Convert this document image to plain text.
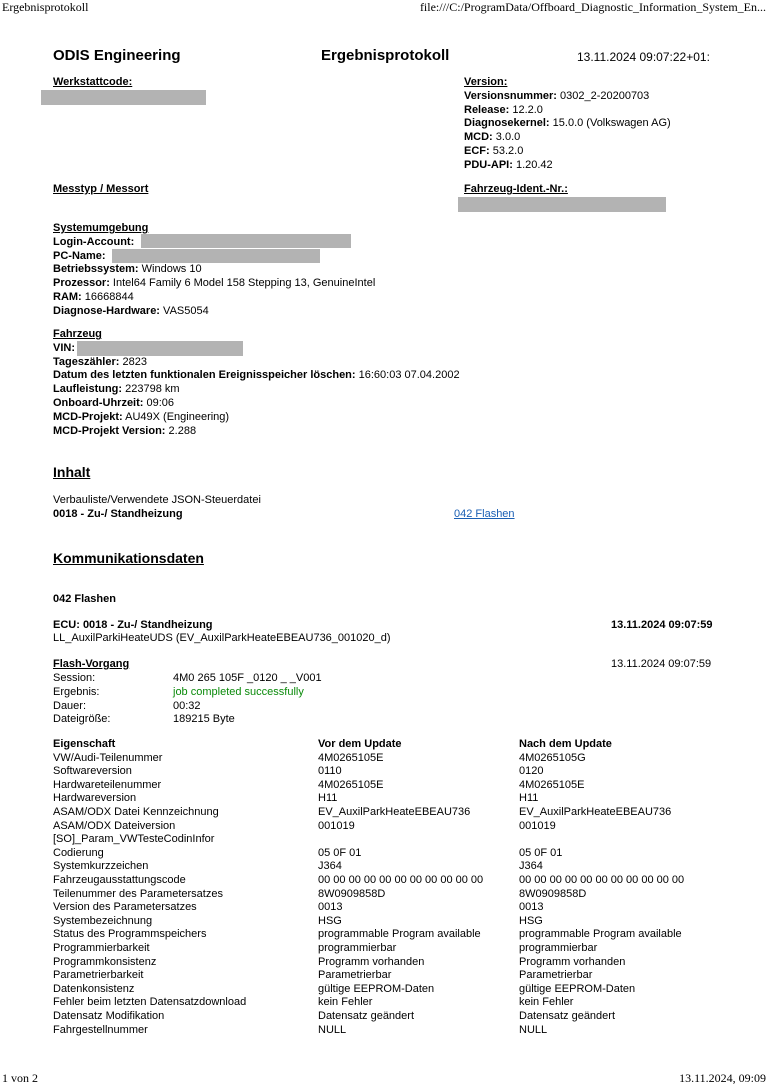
Ergebnisprotokoll	file:///C:/ProgramData/Offboard_Diagnostic_Information_System_En...
ODIS Engineering	Ergebnisprotokoll	13.11.2024 09:07:22+01:
Werkstattcode:	Version:
Versionsnummer: 0302_2-20200703
Release: 12.2.0
Diagnosekernel: 15.0.0 (Volkswagen AG)
MCD: 3.0.0
ECF: 53.2.0
PDU-API: 1.20.42
Messtyp / Messort	Fahrzeug-Ident.-Nr.:
Systemumgebung
Login-Account:
PC-Name:
Betriebssystem: Windows 10
Prozessor: Intel64 Family 6 Model 158 Stepping 13, GenuineIntel
RAM: 16668844
Diagnose-Hardware: VAS5054
Fahrzeug
VIN:
Tageszähler: 2823
Datum des letzten funktionalen Ereignisspeicher löschen: 16:60:03 07.04.2002
Laufleistung: 223798 km
Onboard-Uhrzeit: 09:06
MCD-Projekt: AU49X (Engineering)
MCD-Projekt Version: 2.288
Inhalt
Verbauliste/Verwendete JSON-Steuerdatei
0018 - Zu-/ Standheizung	042 Flashen
Kommunikationsdaten
042 Flashen
ECU: 0018 - Zu-/ Standheizung	13.11.2024 09:07:59
LL_AuxilParkiHeateUDS (EV_AuxilParkHeateEBEAU736_001020_d)
Flash-Vorgang	13.11.2024 09:07:59
Session:	4M0 265 105F _0120 _ _V001
Ergebnis:	job completed successfully
Dauer:	00:32
Dateigröße:	189215 Byte
Eigenschaft	Vor dem Update	Nach dem Update
VW/Audi-Teilenummer	4M0265105E	4M0265105G
Softwareversion	0110	0120
Hardwareteilenummer	4M0265105E	4M0265105E
Hardwareversion	H11	H11
ASAM/ODX Datei Kennzeichnung	EV_AuxilParkHeateEBEAU736	EV_AuxilParkHeateEBEAU736
ASAM/ODX Dateiversion	001019	001019
[SO]_Param_VWTesteCodinInfor
Codierung	05 0F 01	05 0F 01
Systemkurzzeichen	J364	J364
Fahrzeugausstattungscode	00 00 00 00 00 00 00 00 00 00 00	00 00 00 00 00 00 00 00 00 00 00
Teilenummer des Parametersatzes	8W0909858D	8W0909858D
Version des Parametersatzes	0013	0013
Systembezeichnung	HSG	HSG
Status des Programmspeichers	programmable Program available	programmable Program available
Programmierbarkeit	programmierbar	programmierbar
Programmkonsistenz	Programm vorhanden	Programm vorhanden
Parametrierbarkeit	Parametrierbar	Parametrierbar
Datenkonsistenz	gültige EEPROM-Daten	gültige EEPROM-Daten
Fehler beim letzten Datensatzdownload	kein Fehler	kein Fehler
Datensatz Modifikation	Datensatz geändert	Datensatz geändert
Fahrgestellnummer	NULL	NULL
1 von 2	13.11.2024, 09:09
